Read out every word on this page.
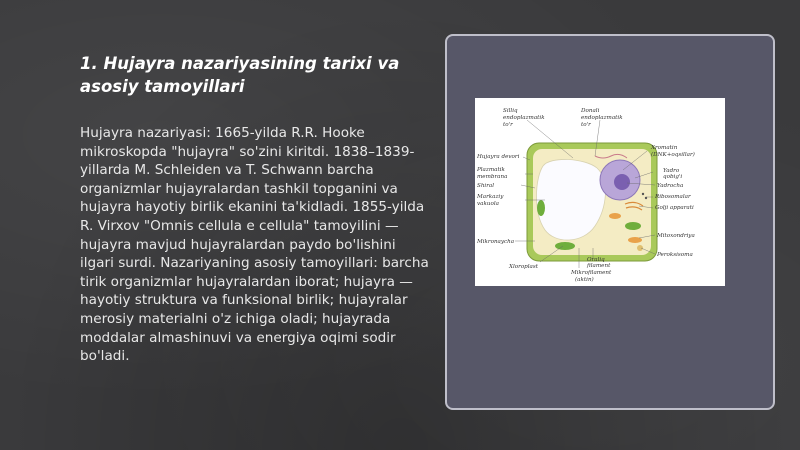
1. Hujayra nazariyasining tarixi va asosiy tamoyillari
Hujayra nazariyasi: 1665-yilda R.R. Hooke mikroskopda "hujayra" so'zini kiritdi. 1838–1839-yillarda M. Schleiden va T. Schwann barcha organizmlar hujayralardan tashkil topganini va hujayra hayotiy birlik ekanini ta'kidladi. 1855-yilda R. Virxov "Omnis cellula e cellula" tamoyilini — hujayra mavjud hujayralardan paydo bo'lishini ilgari surdi. Nazariyaning asosiy tamoyillari: barcha tirik organizmlar hujayralardan iborat; hujayra — hayotiy struktura va funksional birlik; hujayralar merosiy materialni o'z ichiga oladi; hujayrada moddalar almashinuvi va energiya oqimi sodir bo'ladi.
Silliq
endoplazmatik
to'r
Hujayra devori
Plazmatik
membrana
Shiral
Markaziy
vakuola
Mikronaycha
Xloroplast
Donali
endoplazmatik
to'r
Xromatin
(DNK+oqsillar)
Yadro
qobig'i
Yadrocha
Ribosomalar
Golji apparati
Mitoxondriya
Peroksisoma
Oraliq
filament
Mikrofilament
(aktin)
